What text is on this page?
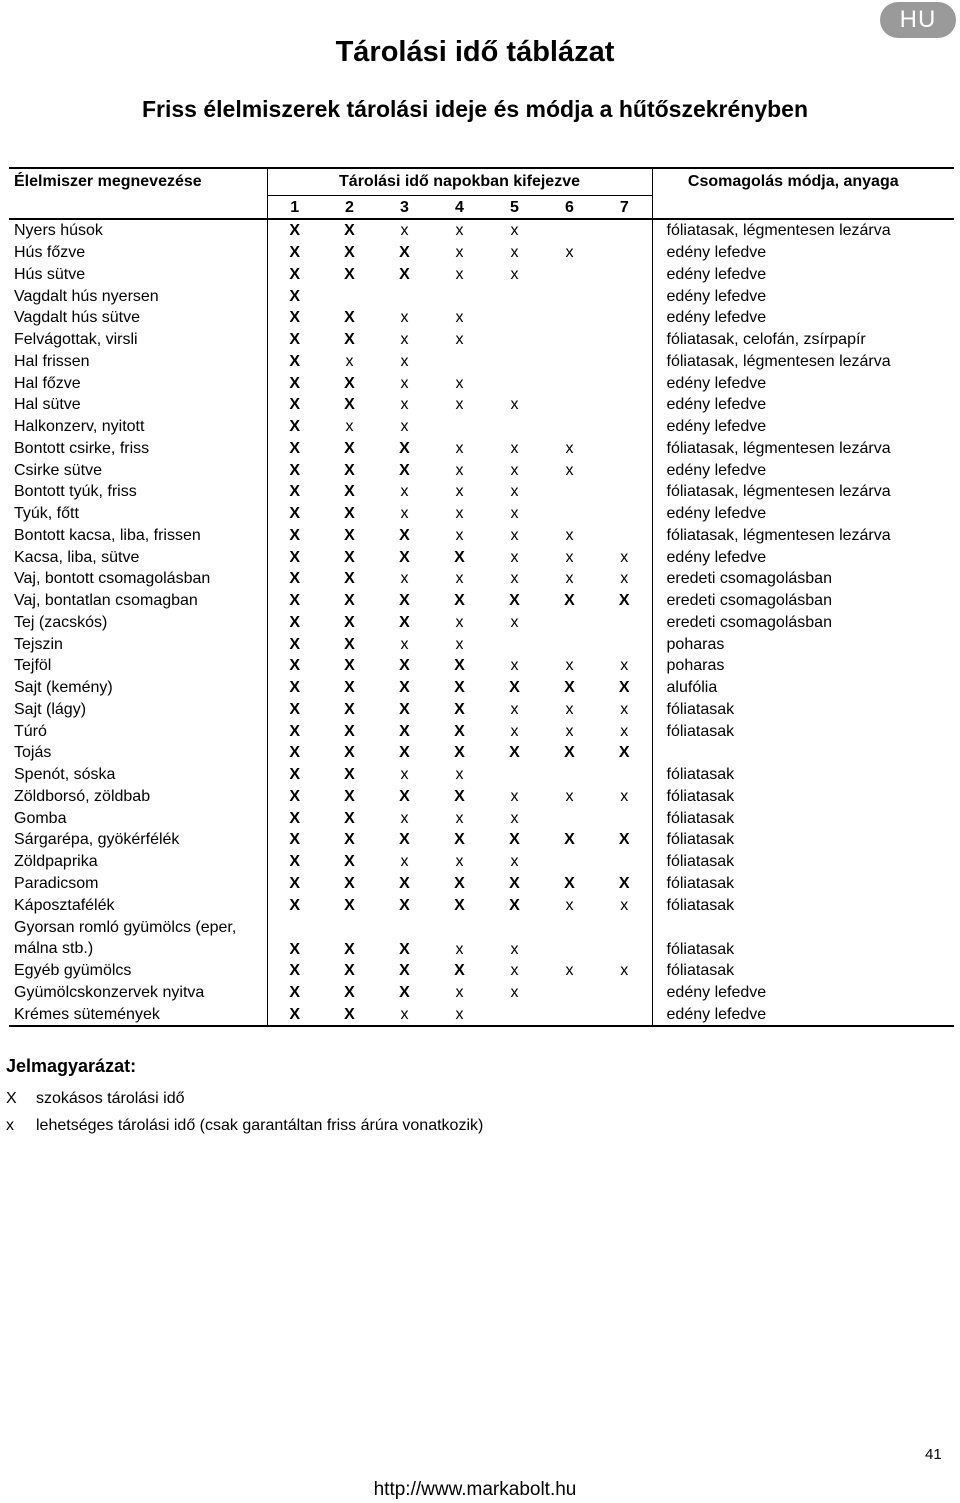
HU
Tárolási idő táblázat
Friss élelmiszerek tárolási ideje és módja a hűtőszekrényben
Élelmiszer megnevezése	Tárolási idő napokban kifejezve							Csomagolás módja, anyaga
	1	2	3	4	5	6	7	
Nyers húsok	X	X	x	x	x			fóliatasak, légmentesen lezárva
Hús főzve	X	X	X	x	x	x		edény lefedve
Hús sütve	X	X	X	x	x			edény lefedve
Vagdalt hús nyersen	X							edény lefedve
Vagdalt hús sütve	X	X	x	x				edény lefedve
Felvágottak, virsli	X	X	x	x				fóliatasak, celofán, zsírpapír
Hal frissen	X	x	x					fóliatasak, légmentesen lezárva
Hal főzve	X	X	x	x				edény lefedve
Hal sütve	X	X	x	x	x			edény lefedve
Halkonzerv, nyitott	X	x	x					edény lefedve
Bontott csirke, friss	X	X	X	x	x	x		fóliatasak, légmentesen lezárva
Csirke sütve	X	X	X	x	x	x		edény lefedve
Bontott tyúk, friss	X	X	x	x	x			fóliatasak, légmentesen lezárva
Tyúk, főtt	X	X	x	x	x			edény lefedve
Bontott kacsa, liba, frissen	X	X	X	x	x	x		fóliatasak, légmentesen lezárva
Kacsa, liba, sütve	X	X	X	X	x	x	x	edény lefedve
Vaj, bontott csomagolásban	X	X	x	x	x	x	x	eredeti csomagolásban
Vaj, bontatlan csomagban	X	X	X	X	X	X	X	eredeti csomagolásban
Tej (zacskós)	X	X	X	x	x			eredeti csomagolásban
Tejszin	X	X	x	x				poharas
Tejföl	X	X	X	X	x	x	x	poharas
Sajt (kemény)	X	X	X	X	X	X	X	alufólia
Sajt (lágy)	X	X	X	X	x	x	x	fóliatasak
Túró	X	X	X	X	x	x	x	fóliatasak
Tojás	X	X	X	X	X	X	X	
Spenót, sóska	X	X	x	x				fóliatasak
Zöldborsó, zöldbab	X	X	X	X	x	x	x	fóliatasak
Gomba	X	X	x	x	x			fóliatasak
Sárgarépa, gyökérfélék	X	X	X	X	X	X	X	fóliatasak
Zöldpaprika	X	X	x	x	x			fóliatasak
Paradicsom	X	X	X	X	X	X	X	fóliatasak
Káposztafélék	X	X	X	X	X	x	x	fóliatasak
Gyorsan romló gyümölcs (eper, málna stb.)	X	X	X	x	x			fóliatasak
Egyéb gyümölcs	X	X	X	X	x	x	x	fóliatasak
Gyümölcskonzervek nyitva	X	X	X	x	x			edény lefedve
Krémes sütemények	X	X	x	x				edény lefedve
Jelmagyarázat:
X szokásos tárolási idő
x lehetséges tárolási idő (csak garantáltan friss árúra vonatkozik)
41
http://www.markabolt.hu
